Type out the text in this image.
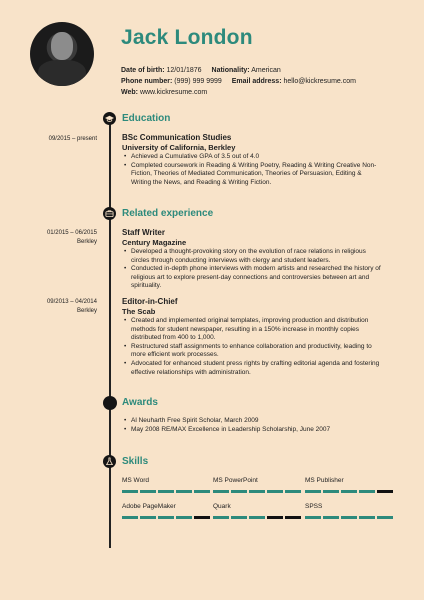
Jack London
Date of birth: 12/01/1876 Nationality: American
Phone number: (999) 999 9999 Email address: hello@kickresume.com
Web: www.kickresume.com
Education
09/2015 – present	BSc Communication Studies
University of California, Berkley
• Achieved a Cumulative GPA of 3.5 out of 4.0
• Completed coursework in Reading & Writing Poetry, Reading & Writing Creative Non-Fiction, Theories of Mediated Communication, Theories of Persuasion, Editing & Writing the News, and Reading & Writing Fiction.
Related experience
01/2015 – 06/2015
Berkley
Staff Writer
Century Magazine
• Developed a thought-provoking story on the evolution of race relations in religious circles through conducting interviews with clergy and student leaders.
• Conducted in-depth phone interviews with modern artists and researched the history of religious art to explore present-day connections and controversies between art and spirituality.
09/2013 – 04/2014
Berkley
Editor-in-Chief
The Scab
• Created and implemented original templates, improving production and distribution methods for student newspaper, resulting in a 150% increase in monthly copies distributed from 400 to 1,000.
• Restructured staff assignments to enhance collaboration and productivity, leading to more efficient work processes.
• Advocated for enhanced student press rights by crafting editorial agenda and fostering effective relationships with administration.
Awards
• Al Neuharth Free Spirit Scholar, March 2009
• May 2008 RE/MAX Excellence in Leadership Scholarship, June 2007
Skills
MS Word	MS PowerPoint	MS Publisher
Adobe PageMaker	Quark	SPSS
